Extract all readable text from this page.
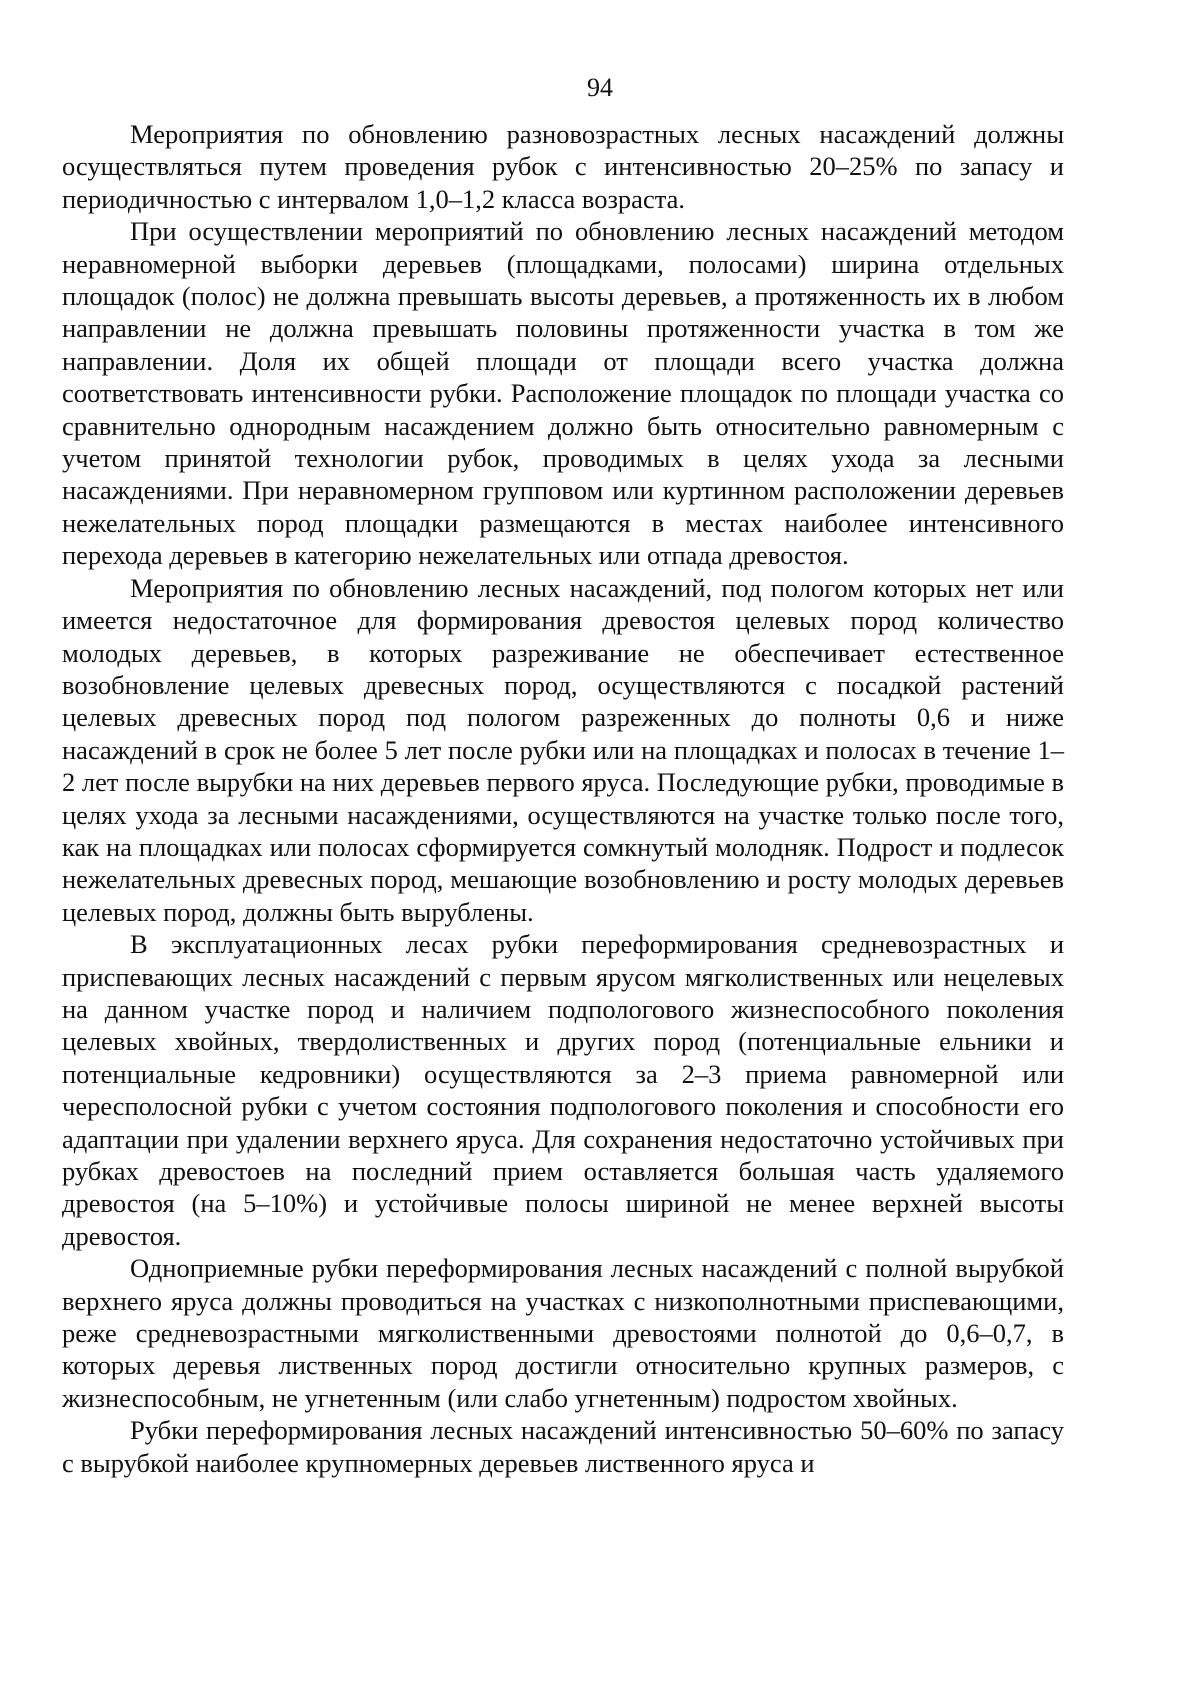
94

Мероприятия по обновлению разновозрастных лесных насаждений должны осуществляться путем проведения рубок с интенсивностью 20–25% по запасу и периодичностью с интервалом 1,0–1,2 класса возраста.

При осуществлении мероприятий по обновлению лесных насаждений методом неравномерной выборки деревьев (площадками, полосами) ширина отдельных площадок (полос) не должна превышать высоты деревьев, а протяженность их в любом направлении не должна превышать половины протяженности участка в том же направлении. Доля их общей площади от площади всего участка должна соответствовать интенсивности рубки. Расположение площадок по площади участка со сравнительно однородным насаждением должно быть относительно равномерным с учетом принятой технологии рубок, проводимых в целях ухода за лесными насаждениями. При неравномерном групповом или куртинном расположении деревьев нежелательных пород площадки размещаются в местах наиболее интенсивного перехода деревьев в категорию нежелательных или отпада древостоя.

Мероприятия по обновлению лесных насаждений, под пологом которых нет или имеется недостаточное для формирования древостоя целевых пород количество молодых деревьев, в которых разреживание не обеспечивает естественное возобновление целевых древесных пород, осуществляются с посадкой растений целевых древесных пород под пологом разреженных до полноты 0,6 и ниже насаждений в срок не более 5 лет после рубки или на площадках и полосах в течение 1–2 лет после вырубки на них деревьев первого яруса. Последующие рубки, проводимые в целях ухода за лесными насаждениями, осуществляются на участке только после того, как на площадках или полосах сформируется сомкнутый молодняк. Подрост и подлесок нежелательных древесных пород, мешающие возобновлению и росту молодых деревьев целевых пород, должны быть вырублены.

В эксплуатационных лесах рубки переформирования средневозрастных и приспевающих лесных насаждений с первым ярусом мягколиственных или нецелевых на данном участке пород и наличием подпологового жизнеспособного поколения целевых хвойных, твердолиственных и других пород (потенциальные ельники и потенциальные кедровники) осуществляются за 2–3 приема равномерной или чересполосной рубки с учетом состояния подпологового поколения и способности его адаптации при удалении верхнего яруса. Для сохранения недостаточно устойчивых при рубках древостоев на последний прием оставляется большая часть удаляемого древостоя (на 5–10%) и устойчивые полосы шириной не менее верхней высоты древостоя.

Одноприемные рубки переформирования лесных насаждений с полной вырубкой верхнего яруса должны проводиться на участках с низкополнотными приспевающими, реже средневозрастными мягколиственными древостоями полнотой до 0,6–0,7, в которых деревья лиственных пород достигли относительно крупных размеров, с жизнеспособным, не угнетенным (или слабо угнетенным) подростом хвойных.

Рубки переформирования лесных насаждений интенсивностью 50–60% по запасу с вырубкой наиболее крупномерных деревьев лиственного яруса и
